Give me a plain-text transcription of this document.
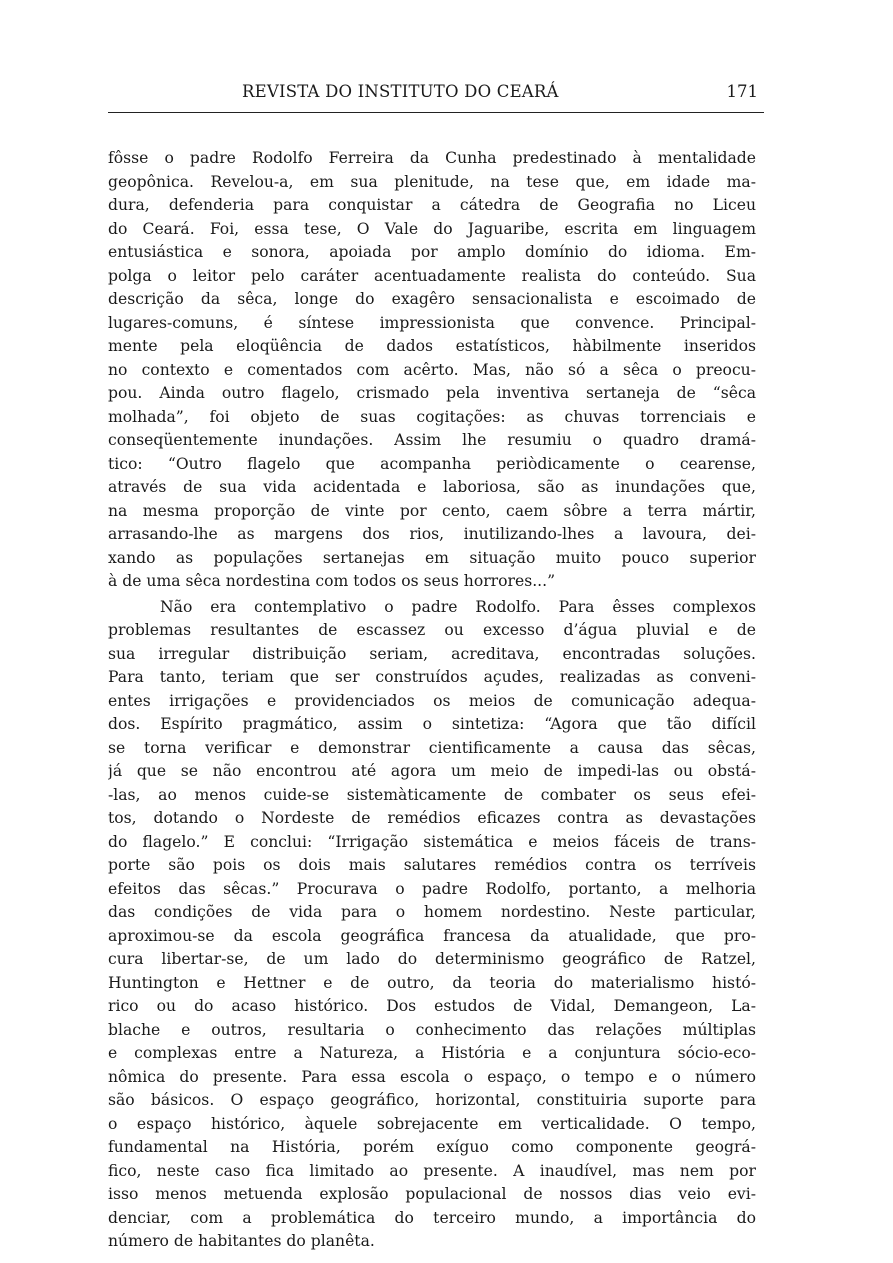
REVISTA DO INSTITUTO DO CEARÁ	171

fôsse o padre Rodolfo Ferreira da Cunha predestinado à mentalidade

geopônica. Revelou-a, em sua plenitude, na tese que, em idade ma-

dura, defenderia para conquistar a cátedra de Geografia no Liceu

do Ceará. Foi, essa tese, O Vale do Jaguaribe, escrita em linguagem

entusiástica e sonora, apoiada por amplo domínio do idioma. Em-

polga o leitor pelo caráter acentuadamente realista do conteúdo. Sua

descrição da sêca, longe do exagêro sensacionalista e escoimado de

lugares-comuns, é síntese impressionista que convence. Principal-

mente pela eloqüência de dados estatísticos, hàbilmente inseridos

no contexto e comentados com acêrto. Mas, não só a sêca o preocu-

pou. Ainda outro flagelo, crismado pela inventiva sertaneja de “sêca

molhada”, foi objeto de suas cogitações: as chuvas torrenciais e

conseqüentemente inundações. Assim lhe resumiu o quadro dramá-

tico: “Outro flagelo que acompanha periòdicamente o cearense,

através de sua vida acidentada e laboriosa, são as inundações que,

na mesma proporção de vinte por cento, caem sôbre a terra mártir,

arrasando-lhe as margens dos rios, inutilizando-lhes a lavoura, dei-

xando as populações sertanejas em situação muito pouco superior

à de uma sêca nordestina com todos os seus horrores...”

Não era contemplativo o padre Rodolfo. Para êsses complexos

problemas resultantes de escassez ou excesso d’água pluvial e de

sua irregular distribuição seriam, acreditava, encontradas soluções.

Para tanto, teriam que ser construídos açudes, realizadas as conveni-

entes irrigações e providenciados os meios de comunicação adequa-

dos. Espírito pragmático, assim o sintetiza: “Agora que tão difícil

se torna verificar e demonstrar cientificamente a causa das sêcas,

já que se não encontrou até agora um meio de impedi-las ou obstá-

-las, ao menos cuide-se sistemàticamente de combater os seus efei-

tos, dotando o Nordeste de remédios eficazes contra as devastações

do flagelo.” E conclui: “Irrigação sistemática e meios fáceis de trans-

porte são pois os dois mais salutares remédios contra os terríveis

efeitos das sêcas.” Procurava o padre Rodolfo, portanto, a melhoria

das condições de vida para o homem nordestino. Neste particular,

aproximou-se da escola geográfica francesa da atualidade, que pro-

cura libertar-se, de um lado do determinismo geográfico de Ratzel,

Huntington e Hettner e de outro, da teoria do materialismo histó-

rico ou do acaso histórico. Dos estudos de Vidal, Demangeon, La-

blache e outros, resultaria o conhecimento das relações múltiplas

e complexas entre a Natureza, a História e a conjuntura sócio-eco-

nômica do presente. Para essa escola o espaço, o tempo e o número

são básicos. O espaço geográfico, horizontal, constituiria suporte para

o espaço histórico, àquele sobrejacente em verticalidade. O tempo,

fundamental na História, porém exíguo como componente geográ-

fico, neste caso fica limitado ao presente. A inaudível, mas nem por

isso menos metuenda explosão populacional de nossos dias veio evi-

denciar, com a problemática do terceiro mundo, a importância do

número de habitantes do planêta.
